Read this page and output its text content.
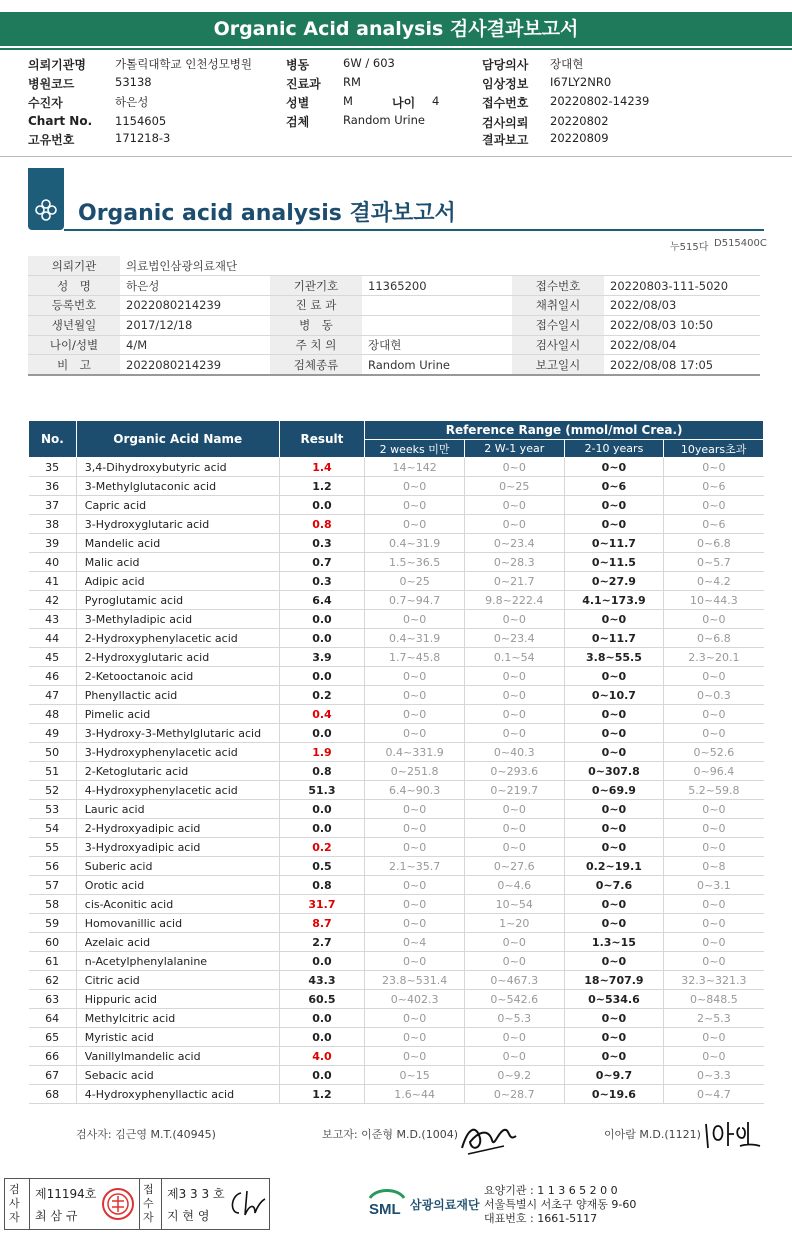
Organic Acid analysis 검사결과보고서
의뢰기관명	가톨릭대학교 인천성모병원
병원코드	53138
수진자	하은성
Chart No. 1154605
고유번호	171218-3
병동	6W / 603
진료과 RM
성별	M
검체	Random Urine
나이 4
담당의사 장대현
임상정보 I67LY2NR0
접수번호 20220802-14239
검사의뢰 20220802
결과보고 20220809
Organic acid analysis 결과보고서
누515다 D515400C
의뢰기관	의료법인삼광의료재단				
성　명	하은성	기관기호	11365200	접수번호	20220803-111-5020
등록번호	2022080214239	진 료 과		채취일시	2022/08/03
생년월일	2017/12/18	병　동		접수일시	2022/08/03 10:50
나이/성별	4/M	주 치 의	장대현	검사일시	2022/08/04
비　고	2022080214239	검체종류	Random Urine	보고일시	2022/08/08 17:05
No.	Organic Acid Name	Result	Reference Range (mmol/mol Crea.)			
			2 weeks 미만	2 W-1 year	2-10 years	10years초과
35	3,4-Dihydroxybutyric acid	1.4	14~142	0~0	0~0	0~0
36	3-Methylglutaconic acid	1.2	0~0	0~25	0~6	0~6
37	Capric acid	0.0	0~0	0~0	0~0	0~0
38	3-Hydroxyglutaric acid	0.8	0~0	0~0	0~0	0~6
39	Mandelic acid	0.3	0.4~31.9	0~23.4	0~11.7	0~6.8
40	Malic acid	0.7	1.5~36.5	0~28.3	0~11.5	0~5.7
41	Adipic acid	0.3	0~25	0~21.7	0~27.9	0~4.2
42	Pyroglutamic acid	6.4	0.7~94.7	9.8~222.4	4.1~173.9	10~44.3
43	3-Methyladipic acid	0.0	0~0	0~0	0~0	0~0
44	2-Hydroxyphenylacetic acid	0.0	0.4~31.9	0~23.4	0~11.7	0~6.8
45	2-Hydroxyglutaric acid	3.9	1.7~45.8	0.1~54	3.8~55.5	2.3~20.1
46	2-Ketooctanoic acid	0.0	0~0	0~0	0~0	0~0
47	Phenyllactic acid	0.2	0~0	0~0	0~10.7	0~0.3
48	Pimelic acid	0.4	0~0	0~0	0~0	0~0
49	3-Hydroxy-3-Methylglutaric acid	0.0	0~0	0~0	0~0	0~0
50	3-Hydroxyphenylacetic acid	1.9	0.4~331.9	0~40.3	0~0	0~52.6
51	2-Ketoglutaric acid	0.8	0~251.8	0~293.6	0~307.8	0~96.4
52	4-Hydroxyphenylacetic acid	51.3	6.4~90.3	0~219.7	0~69.9	5.2~59.8
53	Lauric acid	0.0	0~0	0~0	0~0	0~0
54	2-Hydroxyadipic acid	0.0	0~0	0~0	0~0	0~0
55	3-Hydroxyadipic acid	0.2	0~0	0~0	0~0	0~0
56	Suberic acid	0.5	2.1~35.7	0~27.6	0.2~19.1	0~8
57	Orotic acid	0.8	0~0	0~4.6	0~7.6	0~3.1
58	cis-Aconitic acid	31.7	0~0	10~54	0~0	0~0
59	Homovanillic acid	8.7	0~0	1~20	0~0	0~0
60	Azelaic acid	2.7	0~4	0~0	1.3~15	0~0
61	n-Acetylphenylalanine	0.0	0~0	0~0	0~0	0~0
62	Citric acid	43.3	23.8~531.4	0~467.3	18~707.9	32.3~321.3
63	Hippuric acid	60.5	0~402.3	0~542.6	0~534.6	0~848.5
64	Methylcitric acid	0.0	0~0	0~5.3	0~0	2~5.3
65	Myristic acid	0.0	0~0	0~0	0~0	0~0
66	Vanillylmandelic acid	4.0	0~0	0~0	0~0	0~0
67	Sebacic acid	0.0	0~15	0~9.2	0~9.7	0~3.3
68	4-Hydroxyphenyllactic acid	1.2	1.6~44	0~28.7	0~19.6	0~4.7
검사자: 김근영 M.T.(40945)	보고자: 이준형 M.D.(1004)	이아람 M.D.(1121)
검사자
제11194호
최 삼 규
접수자
제3 3 3 호
지 현 영	SML 삼광의료재단
요양기관 : 1 1 3 6 5 2 0 0
서울특별시 서초구 양재동 9-60
대표번호 : 1661-5117
